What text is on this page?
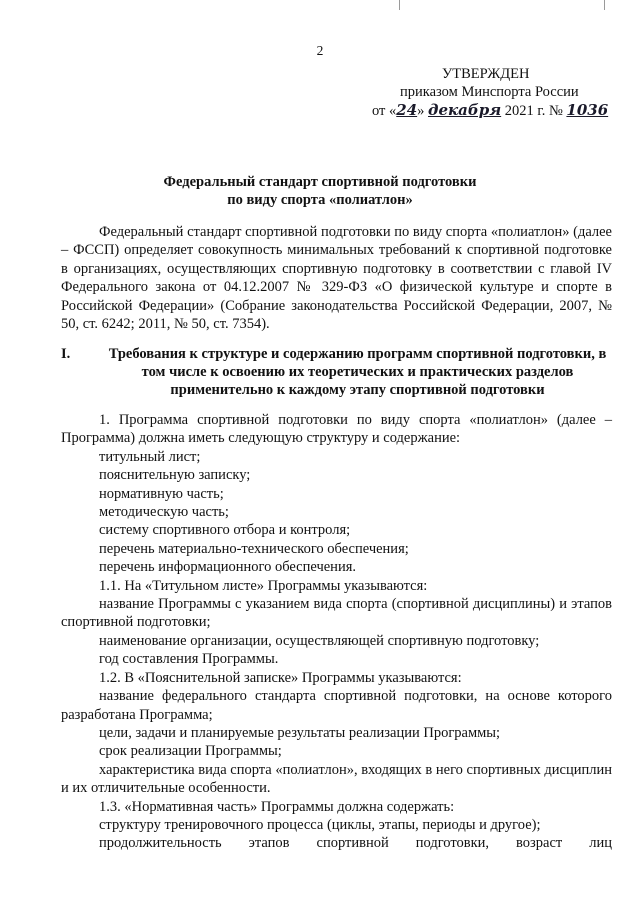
2
УТВЕРЖДЕН
приказом Минспорта России
от «24» декабря 2021 г. № 1036
Федеральный стандарт спортивной подготовки
по виду спорта «полиатлон»

Федеральный стандарт спортивной подготовки по виду спорта «полиатлон» (далее – ФССП) определяет совокупность минимальных требований к спортивной подготовке в организациях, осуществляющих спортивную подготовку в соответствии с главой IV Федерального закона от 04.12.2007 № 329-ФЗ «О физической культуре и спорте в Российской Федерации» (Собрание законодательства Российской Федерации, 2007, № 50, ст. 6242; 2011, № 50, ст. 7354).

I.	Требования к структуре и содержанию программ спортивной подготовки, в том числе к освоению их теоретических и практических разделов применительно к каждому этапу спортивной подготовки

1. Программа спортивной подготовки по виду спорта «полиатлон» (далее – Программа) должна иметь следующую структуру и содержание:

титульный лист;

пояснительную записку;

нормативную часть;

методическую часть;

систему спортивного отбора и контроля;

перечень материально-технического обеспечения;

перечень информационного обеспечения.

1.1. На «Титульном листе» Программы указываются:

название Программы с указанием вида спорта (спортивной дисциплины) и этапов спортивной подготовки;

наименование организации, осуществляющей спортивную подготовку;

год составления Программы.

1.2. В «Пояснительной записке» Программы указываются:

название федерального стандарта спортивной подготовки, на основе которого разработана Программа;

цели, задачи и планируемые результаты реализации Программы;

срок реализации Программы;

характеристика вида спорта «полиатлон», входящих в него спортивных дисциплин и их отличительные особенности.

1.3. «Нормативная часть» Программы должна содержать:

структуру тренировочного процесса (циклы, этапы, периоды и другое);

продолжительность этапов спортивной подготовки, возраст лиц
